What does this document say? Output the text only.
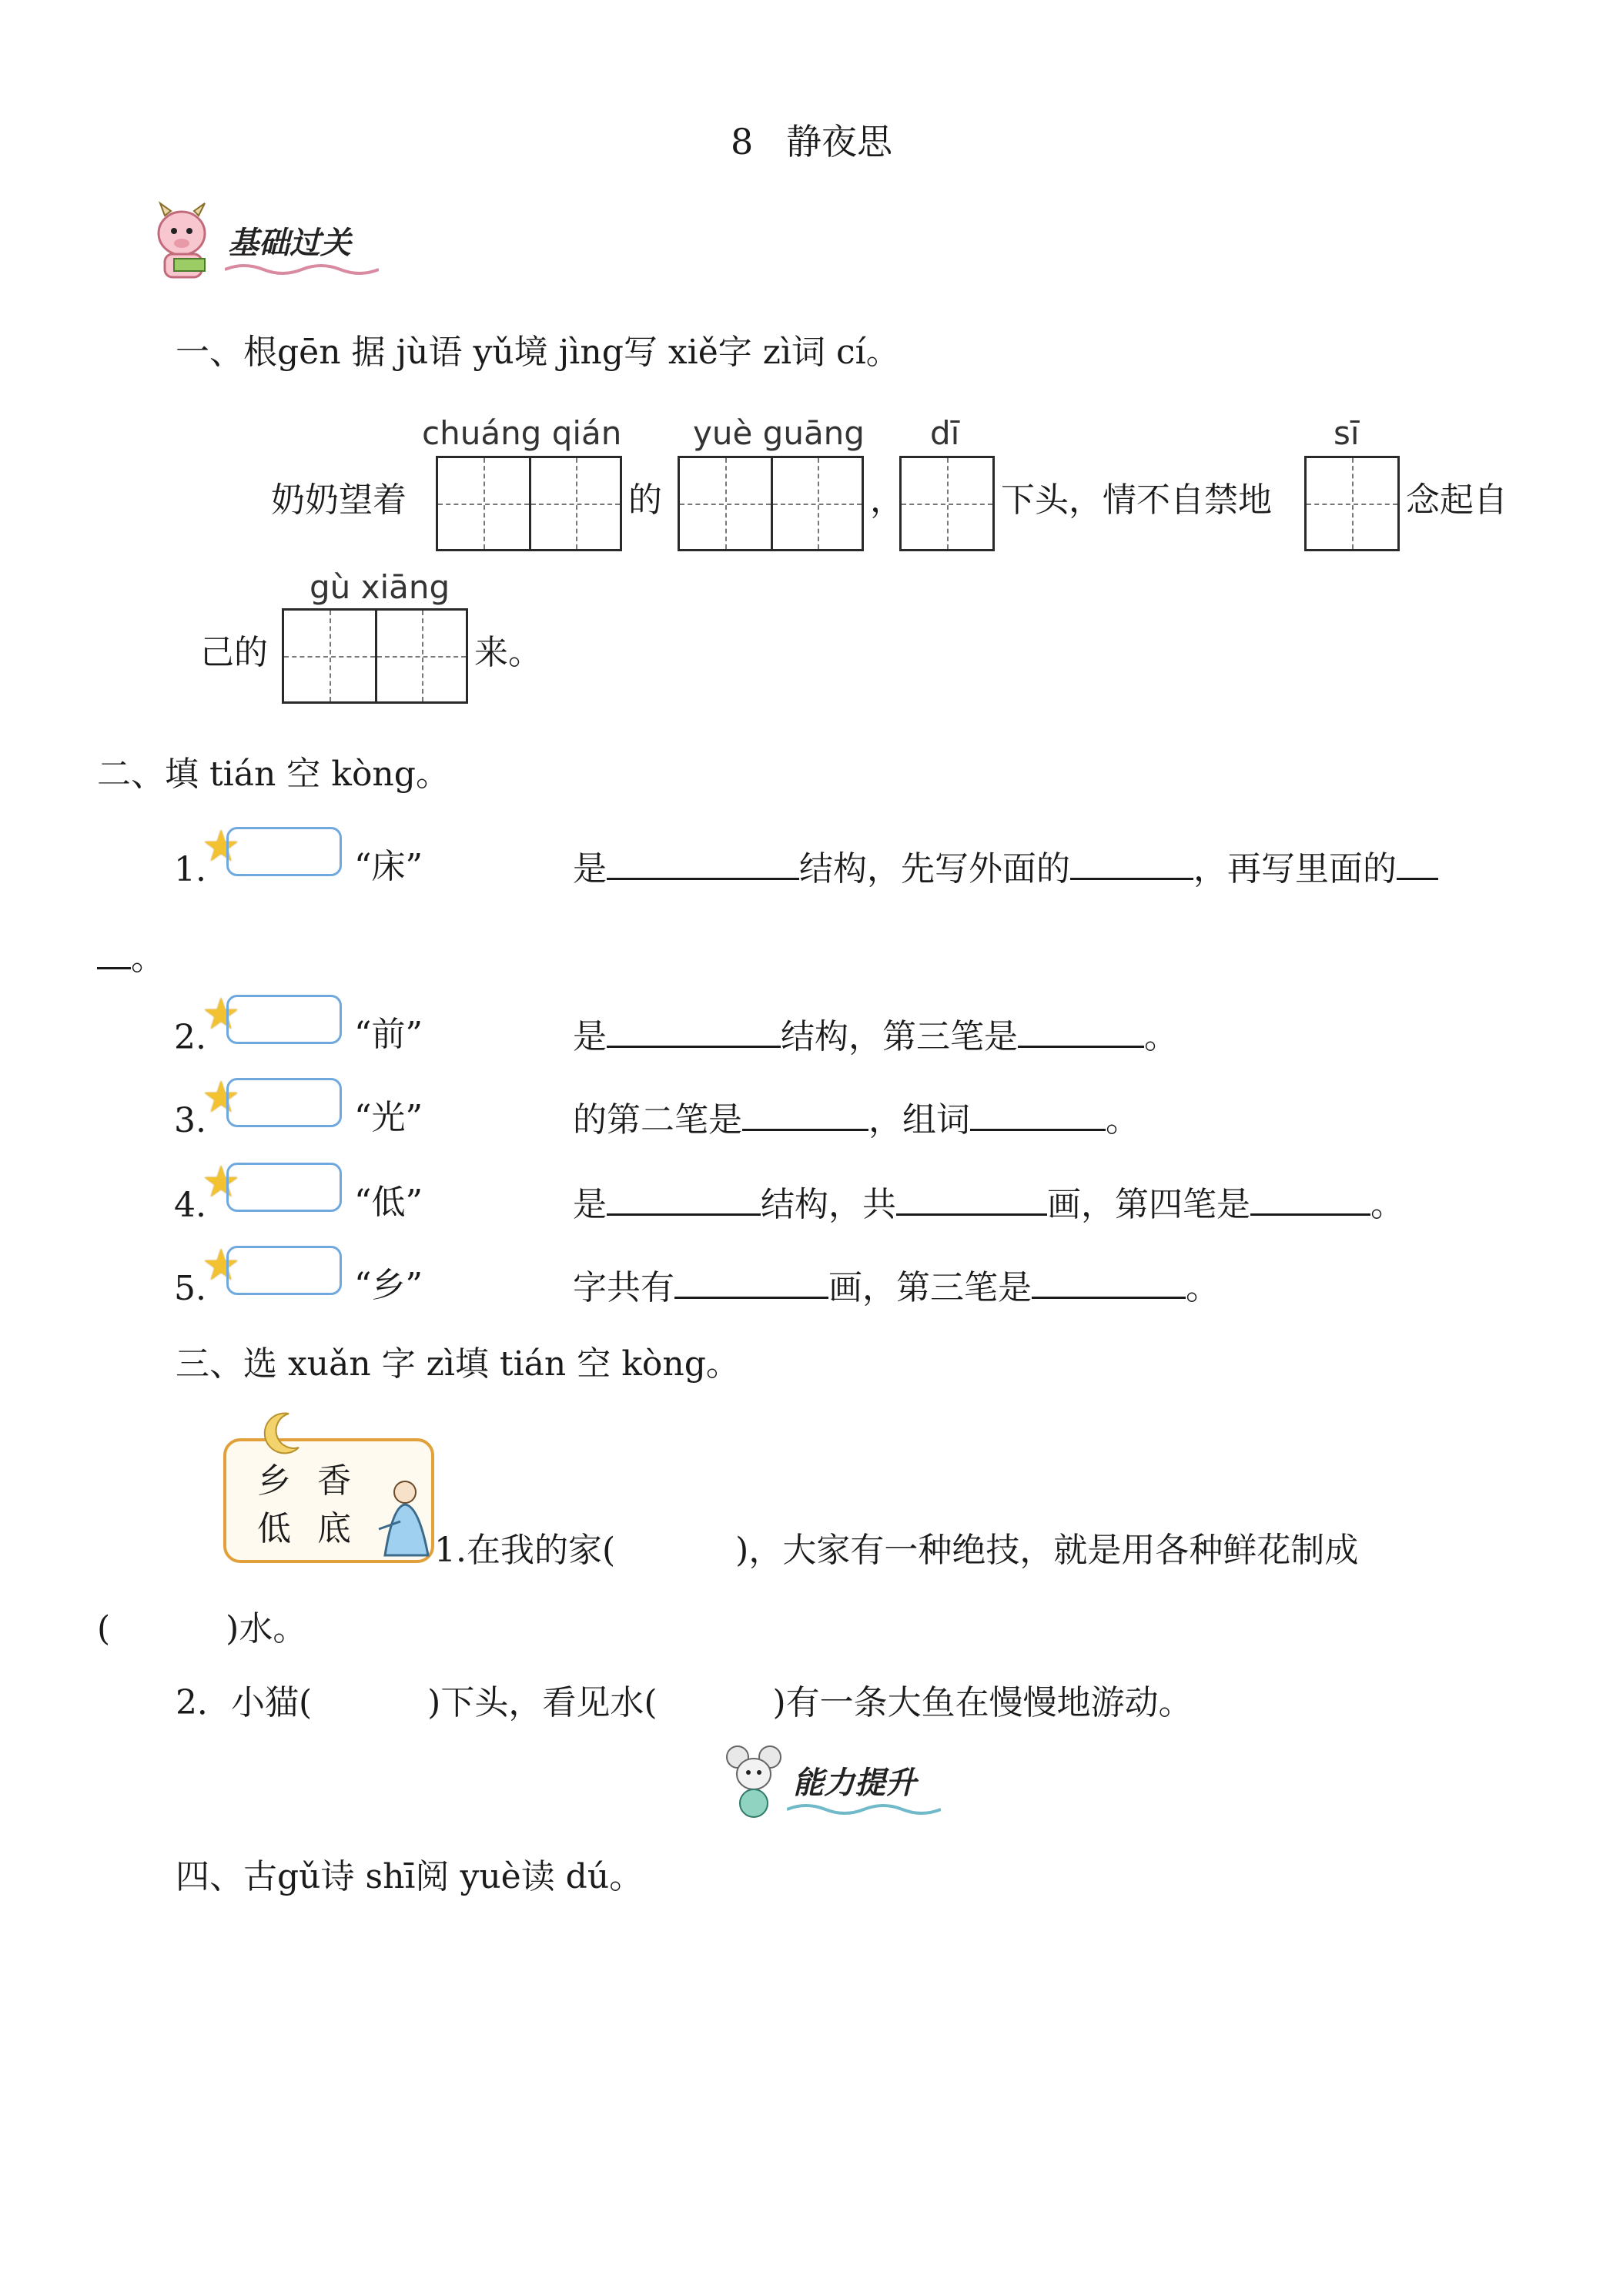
8 静夜思
基础过关
一、根gēn 据 jù语 yǔ境 jìng写 xiě字 zì词 cí。
chuáng qián yuè guāng dī	sī
奶奶望着	的	，	下头，情不自禁地	念起自
gù xiāng
己的	来。
二、填 tián 空 kòng。
1.
★	“床”	是	结构，先写外面的	，再写里面的
。
2.
★	“前”	是	结构，第三笔是	。
3.
★	“光”	的第二笔是	，组词	。
4.
★	“低”	是	结构，共	画，第四笔是	。
5.
★	“乡”	字共有	画，第三笔是	。
三、选 xuǎn 字 zì填 tián 空 kòng。
乡 香
低 底
1.在我的家(	)，大家有一种绝技，就是用各种鲜花制成
(	)水。
2．小猫(	)下头，看见水(	)有一条大鱼在慢慢地游动。
能力提升
四、古gǔ诗 shī阅 yuè读 dú。
